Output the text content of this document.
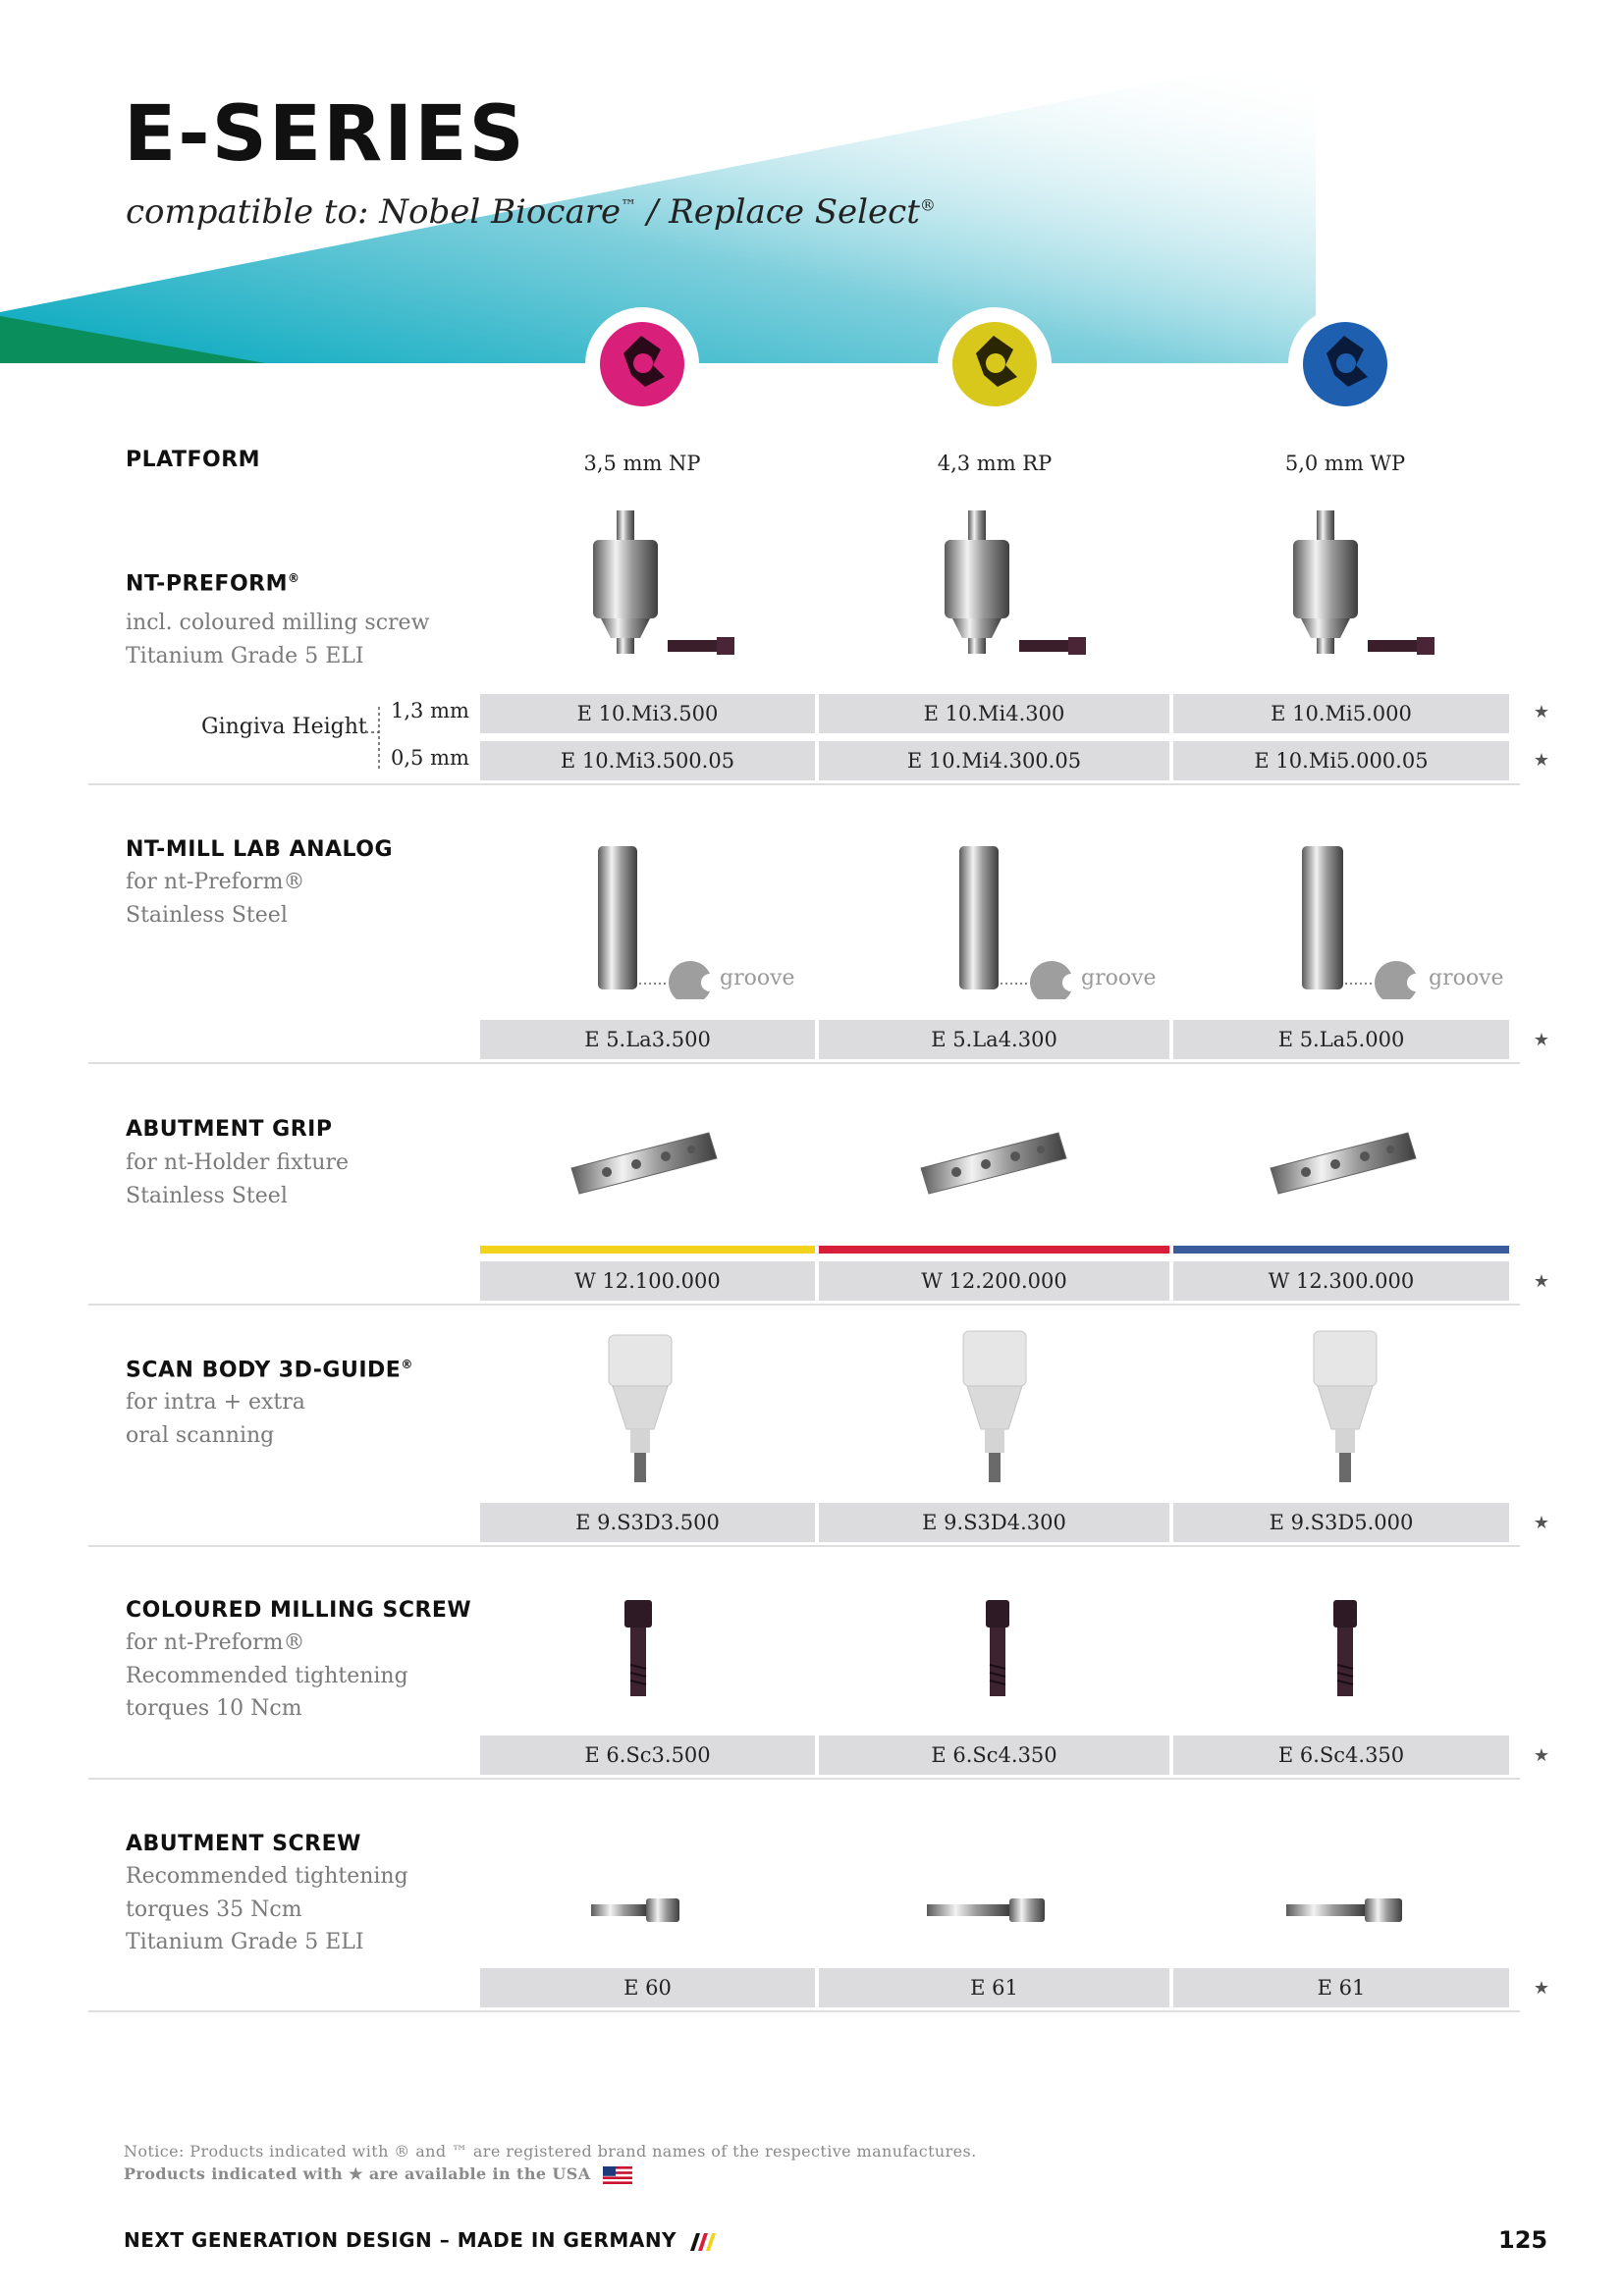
E-SERIES
compatible to: Nobel Biocare™ / Replace Select®
PLATFORM	3,5 mm NP	4,3 mm RP	5,0 mm WP
NT-PREFORM®
incl. coloured milling screw
Titanium Grade 5 ELI
Gingiva Height
1,3 mm
0,5 mm
E 10.Mi3.500	E 10.Mi4.300	E 10.Mi5.000	★
E 10.Mi3.500.05	E 10.Mi4.300.05	E 10.Mi5.000.05	★
NT-MILL LAB ANALOG
for nt-Preform®
Stainless Steel
groove	groove	groove
E 5.La3.500	E 5.La4.300	E 5.La5.000	★
ABUTMENT GRIP
for nt-Holder fixture
Stainless Steel
W 12.100.000	W 12.200.000	W 12.300.000	★
SCAN BODY 3D-GUIDE®
for intra + extra
oral scanning
E 9.S3D3.500	E 9.S3D4.300	E 9.S3D5.000	★
COLOURED MILLING SCREW
for nt-Preform®
Recommended tightening
torques 10 Ncm
E 6.Sc3.500	E 6.Sc4.350	E 6.Sc4.350	★
ABUTMENT SCREW
Recommended tightening
torques 35 Ncm
Titanium Grade 5 ELI
E 60	E 61	E 61	★
Notice: Products indicated with ® and ™ are registered brand names of the respective manufactures.
Products indicated with ★ are available in the USA
NEXT GENERATION DESIGN – MADE IN GERMANY	125
